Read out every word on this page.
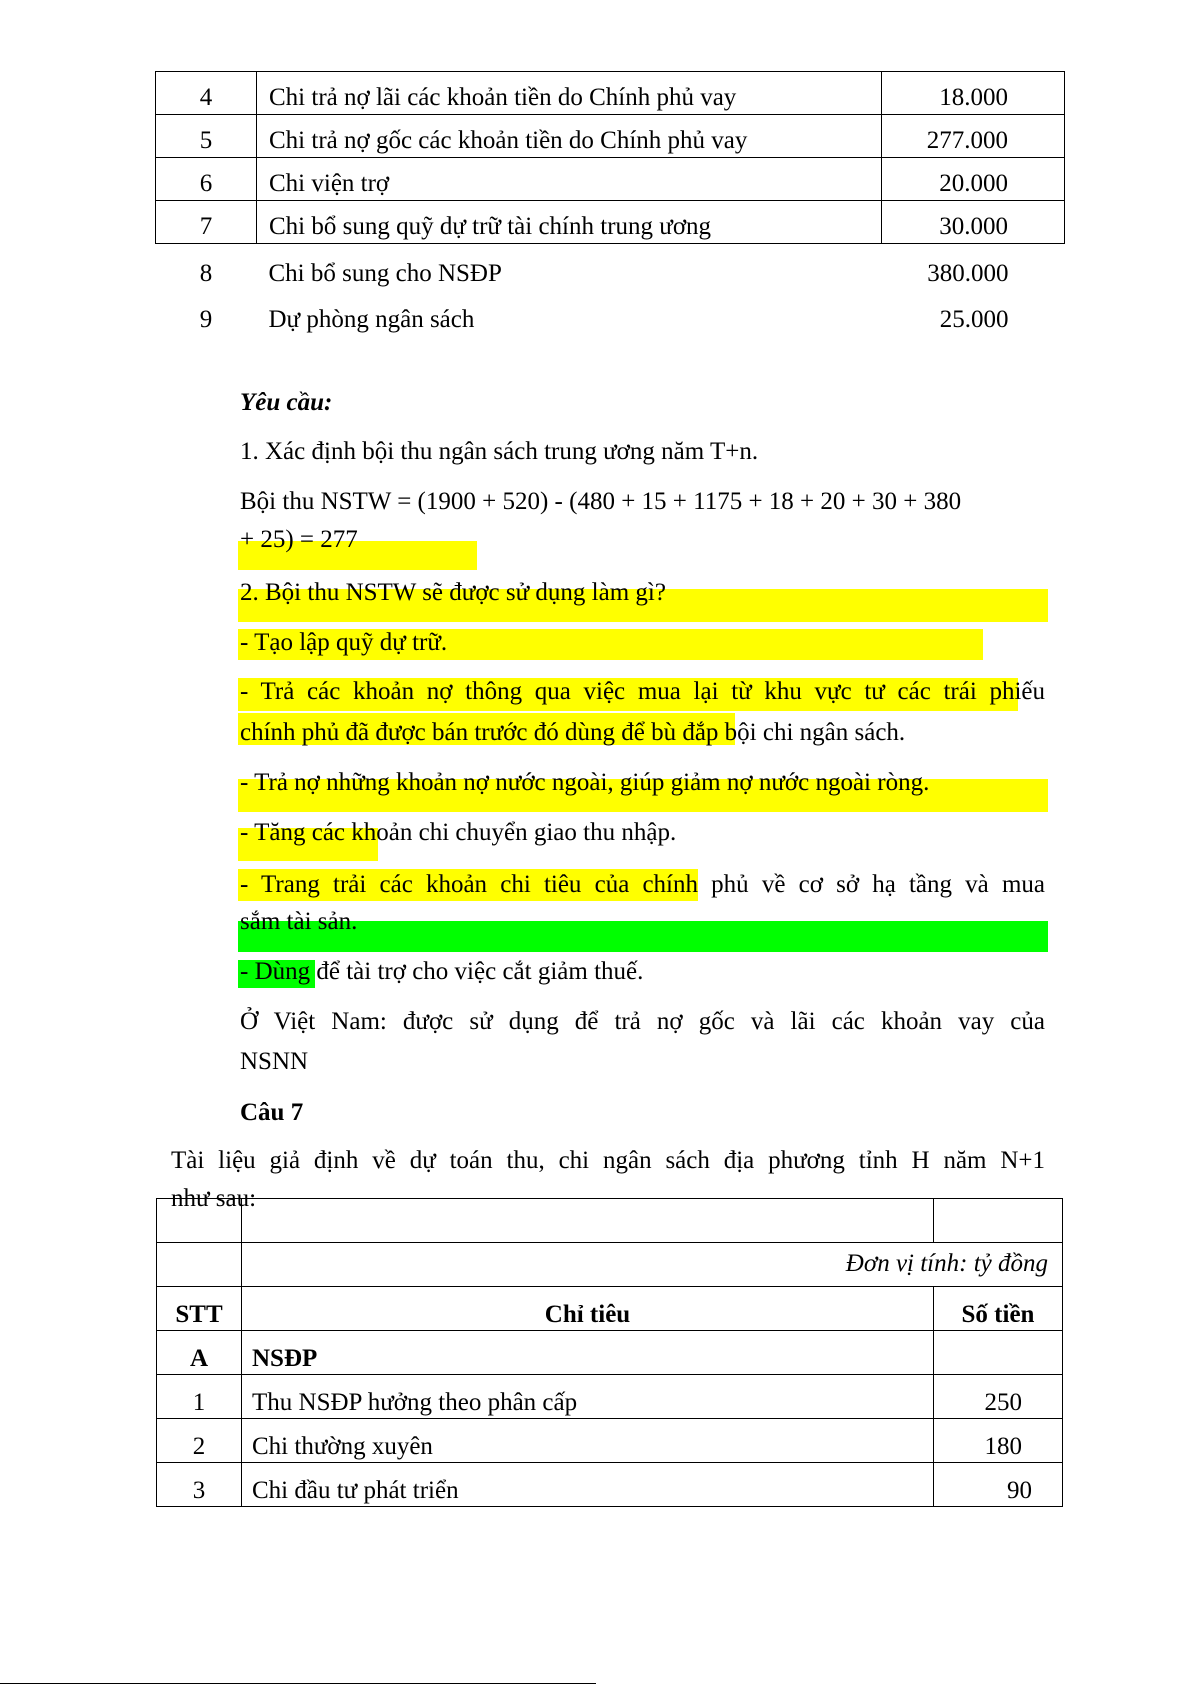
4	Chi trả nợ lãi các khoản tiền do Chính phủ vay	18.000
5	Chi trả nợ gốc các khoản tiền do Chính phủ vay	277.000
6	Chi viện trợ	20.000
7	Chi bổ sung quỹ dự trữ tài chính trung ương	30.000
8	Chi bổ sung cho NSĐP	380.000
9	Dự phòng ngân sách	25.000
Yêu cầu:
1. Xác định bội thu ngân sách trung ương năm T+n.
Bội thu NSTW = (1900 + 520) - (480 + 15 + 1175 + 18 + 20 + 30 + 380
+ 25) = 277
2. Bội thu NSTW sẽ được sử dụng làm gì?
- Tạo lập quỹ dự trữ.
- Trả các khoản nợ thông qua việc mua lại từ khu vực tư các trái phiếu
chính phủ đã được bán trước đó dùng để bù đắp bội chi ngân sách.
- Trả nợ những khoản nợ nước ngoài, giúp giảm nợ nước ngoài ròng.
- Tăng các khoản chi chuyển giao thu nhập.
- Trang trải các khoản chi tiêu của chính phủ về cơ sở hạ tầng và mua
sắm tài sản.
- Dùng để tài trợ cho việc cắt giảm thuế.
Ở Việt Nam: được sử dụng để trả nợ gốc và lãi các khoản vay của
NSNN
Câu 7
Tài liệu giả định về dự toán thu, chi ngân sách địa phương tỉnh H năm N+1
như sau:

	Đơn vị tính: tỷ đồng	
STT	Chỉ tiêu	Số tiền
A	NSĐP	
1	Thu NSĐP hưởng theo phân cấp	250
2	Chi thường xuyên	180
3	Chi đầu tư phát triển	90
